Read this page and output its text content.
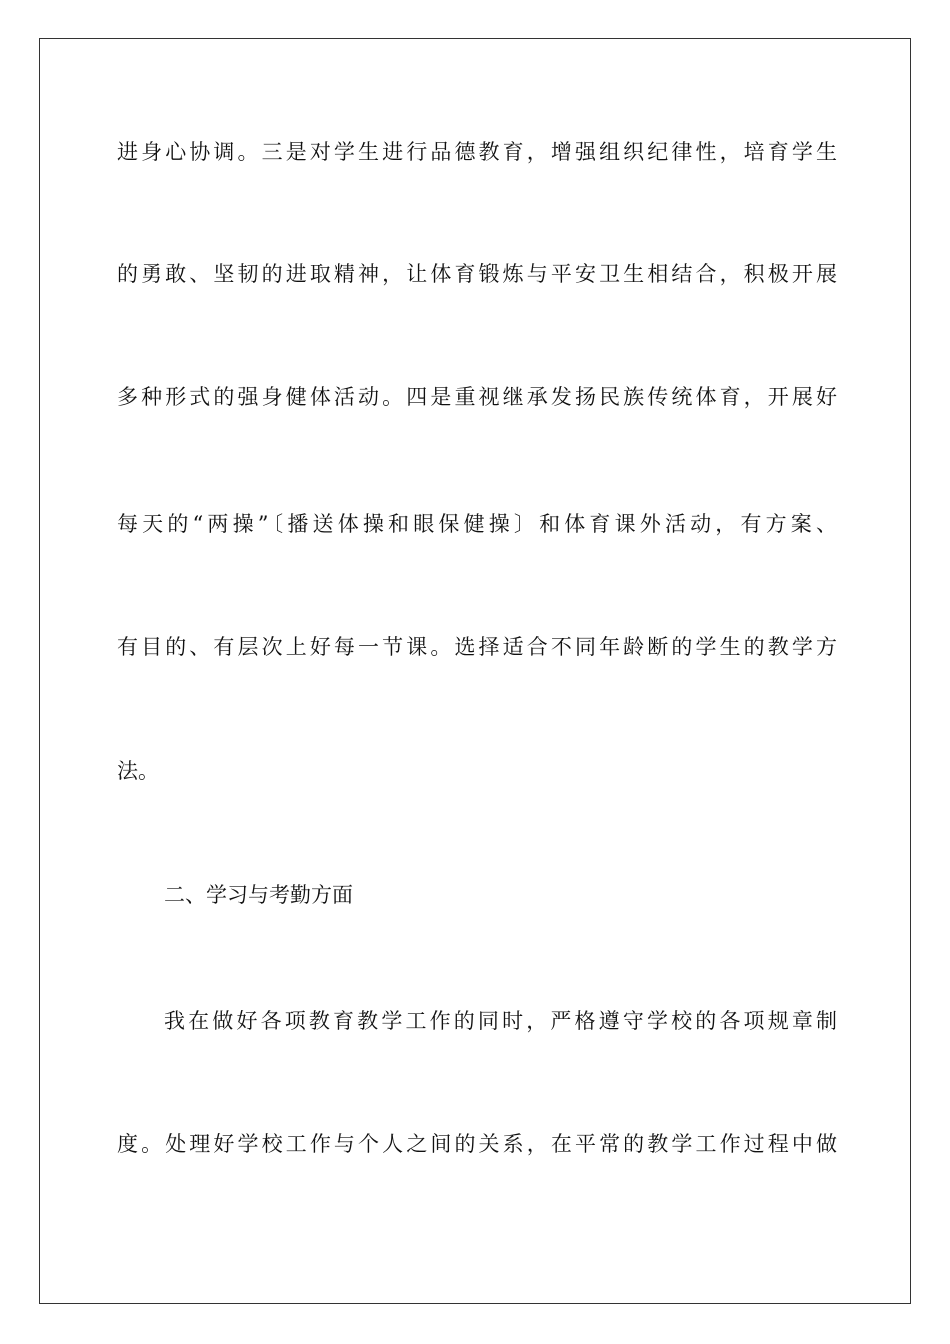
进身心协调。三是对学生进行品德教育，增强组织纪律性，培育学生
的勇敢、坚韧的进取精神，让体育锻炼与平安卫生相结合，积极开展
多种形式的强身健体活动。四是重视继承发扬民族传统体育，开展好
每天的“两操”〔播送体操和眼保健操〕和体育课外活动，有方案、
有目的、有层次上好每一节课。选择适合不同年龄断的学生的教学方
法。
二、学习与考勤方面
我在做好各项教育教学工作的同时，严格遵守学校的各项规章制
度。处理好学校工作与个人之间的关系，在平常的教学工作过程中做
